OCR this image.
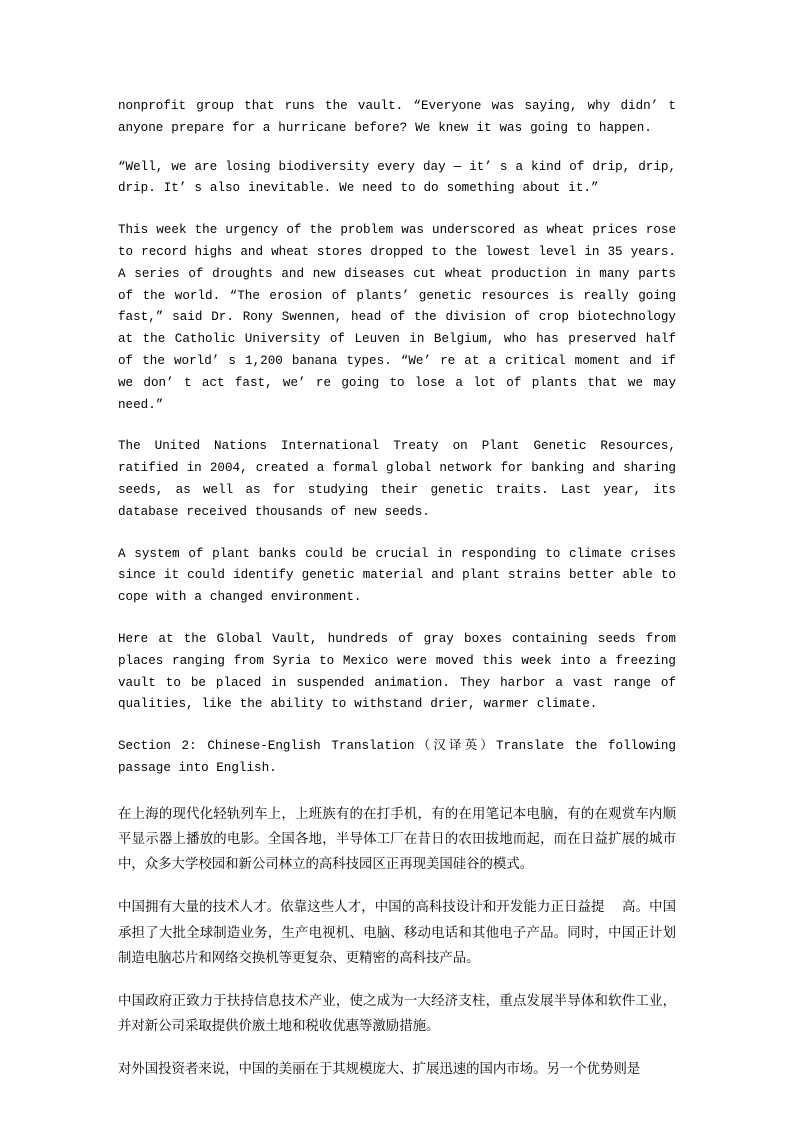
nonprofit group that runs the vault. “Everyone was saying, why didn’ t anyone prepare for a hurricane before? We knew it was going to happen.

“Well, we are losing biodiversity every day — it’ s a kind of drip, drip, drip. It’ s also inevitable. We need to do something about it.”

This week the urgency of the problem was underscored as wheat prices rose to record highs and wheat stores dropped to the lowest level in 35 years. A series of droughts and new diseases cut wheat production in many parts of the world. “The erosion of plants’ genetic resources is really going fast,” said Dr. Rony Swennen, head of the division of crop biotechnology at the Catholic University of Leuven in Belgium, who has preserved half of the world’ s 1,200 banana types. “We’ re at a critical moment and if we don’ t act fast, we’ re going to lose a lot of plants that we may need.”

The United Nations International Treaty on Plant Genetic Resources, ratified in 2004, created a formal global network for banking and sharing seeds, as well as for studying their genetic traits. Last year, its database received thousands of new seeds.

A system of plant banks could be crucial in responding to climate crises since it could identify genetic material and plant strains better able to cope with a changed environment.

Here at the Global Vault, hundreds of gray boxes containing seeds from places ranging from Syria to Mexico were moved this week into a freezing vault to be placed in suspended animation. They harbor a vast range of qualities, like the ability to withstand drier, warmer climate.

Section 2: Chinese-English Translation（汉译英）Translate the following passage into English.

在上海的现代化轻轨列车上，上班族有的在打手机，有的在用笔记本电脑，有的在观赏车内顺平显示器上播放的电影。全国各地，半导体工厂在昔日的农田拔地而起，而在日益扩展的城市中，众多大学校园和新公司林立的高科技园区正再现美国硅谷的模式。

中国拥有大量的技术人才。依靠这些人才，中国的高科技设计和开发能力正日益提    高。中国承担了大批全球制造业务，生产电视机、电脑、移动电话和其他电子产品。同时，中国正计划制造电脑芯片和网络交换机等更复杂、更精密的高科技产品。

中国政府正致力于扶持信息技术产业，使之成为一大经济支柱，重点发展半导体和软件工业，并对新公司采取提供价廒土地和税收优惠等激励措施。

对外国投资者来说，中国的美丽在于其规模庞大、扩展迅速的国内市场。另一个优势则是
